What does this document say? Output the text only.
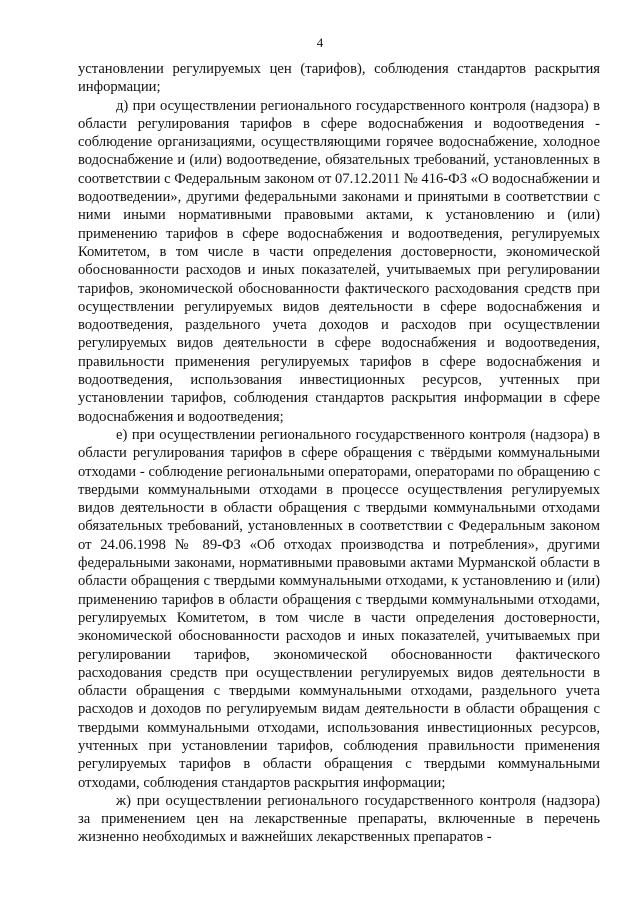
4

установлении регулируемых цен (тарифов), соблюдения стандартов раскрытия информации;

д) при осуществлении регионального государственного контроля (надзора) в области регулирования тарифов в сфере водоснабжения и водоотведения - соблюдение организациями, осуществляющими горячее водоснабжение, холодное водоснабжение и (или) водоотведение, обязательных требований, установленных в соответствии с Федеральным законом от 07.12.2011 № 416-ФЗ «О водоснабжении и водоотведении», другими федеральными законами и принятыми в соответствии с ними иными нормативными правовыми актами, к установлению и (или) применению тарифов в сфере водоснабжения и водоотведения, регулируемых Комитетом, в том числе в части определения достоверности, экономической обоснованности расходов и иных показателей, учитываемых при регулировании тарифов, экономической обоснованности фактического расходования средств при осуществлении регулируемых видов деятельности в сфере водоснабжения и водоотведения, раздельного учета доходов и расходов при осуществлении регулируемых видов деятельности в сфере водоснабжения и водоотведения, правильности применения регулируемых тарифов в сфере водоснабжения и водоотведения, использования инвестиционных ресурсов, учтенных при установлении тарифов, соблюдения стандартов раскрытия информации в сфере водоснабжения и водоотведения;

е) при осуществлении регионального государственного контроля (надзора) в области регулирования тарифов в сфере обращения с твёрдыми коммунальными отходами - соблюдение региональными операторами, операторами по обращению с твердыми коммунальными отходами в процессе осуществления регулируемых видов деятельности в области обращения с твердыми коммунальными отходами обязательных требований, установленных в соответствии с Федеральным законом от 24.06.1998 № 89-ФЗ «Об отходах производства и потребления», другими федеральными законами, нормативными правовыми актами Мурманской области в области обращения с твердыми коммунальными отходами, к установлению и (или) применению тарифов в области обращения с твердыми коммунальными отходами, регулируемых Комитетом, в том числе в части определения достоверности, экономической обоснованности расходов и иных показателей, учитываемых при регулировании тарифов, экономической обоснованности фактического расходования средств при осуществлении регулируемых видов деятельности в области обращения с твердыми коммунальными отходами, раздельного учета расходов и доходов по регулируемым видам деятельности в области обращения с твердыми коммунальными отходами, использования инвестиционных ресурсов, учтенных при установлении тарифов, соблюдения правильности применения регулируемых тарифов в области обращения с твердыми коммунальными отходами, соблюдения стандартов раскрытия информации;

ж) при осуществлении регионального государственного контроля (надзора) за применением цен на лекарственные препараты, включенные в перечень жизненно необходимых и важнейших лекарственных препаратов -
